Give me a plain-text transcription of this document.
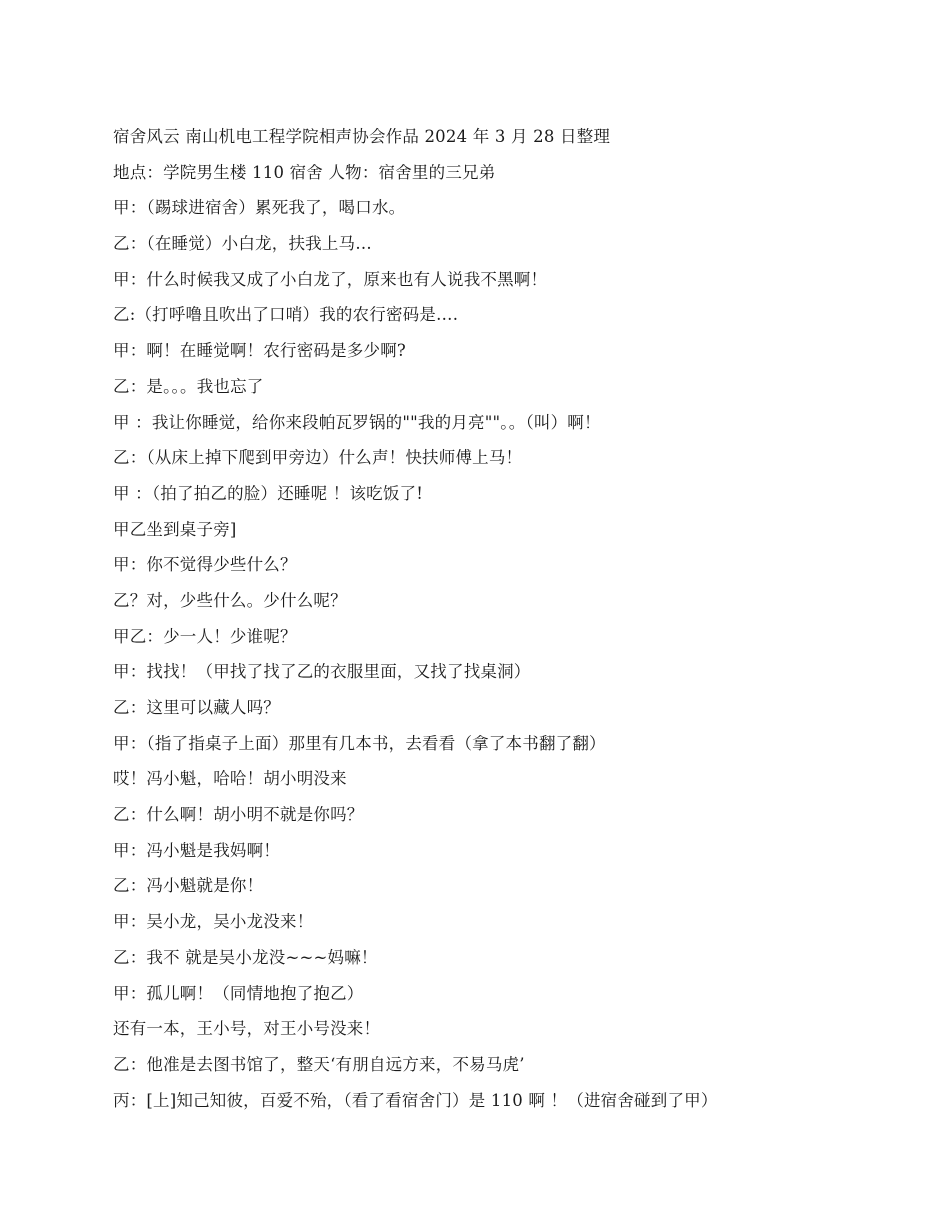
宿舍风云 南山机电工程学院相声协会作品 2024 年 3 月 28 日整理
地点：学院男生楼 110 宿舍 人物：宿舍里的三兄弟
甲：（踢球进宿舍）累死我了，喝口水。
乙：（在睡觉）小白龙，扶我上马…
甲：什么时候我又成了小白龙了，原来也有人说我不黑啊！
乙:（打呼噜且吹出了口哨）我的农行密码是….
甲：啊！在睡觉啊！农行密码是多少啊?
乙：是。。。我也忘了
甲 ：我让你睡觉，给你来段帕瓦罗锅的""我的月亮""。。（叫）啊！
乙：（从床上掉下爬到甲旁边）什么声！快扶师傅上马！
甲 ：（拍了拍乙的脸）还睡呢 ！该吃饭了!
甲乙坐到桌子旁]
甲：你不觉得少些什么？
乙？对，少些什么。少什么呢？
甲乙：少一人！少谁呢？
甲：找找！（甲找了找了乙的衣服里面，又找了找桌洞）
乙：这里可以藏人吗？
甲：（指了指桌子上面）那里有几本书，去看看（拿了本书翻了翻）
哎！冯小魁，哈哈！胡小明没来
乙：什么啊！胡小明不就是你吗？
甲：冯小魁是我妈啊！
乙：冯小魁就是你！
甲：吴小龙，吴小龙没来！
乙：我不 就是吴小龙没~~~妈嘛！
甲：孤儿啊！（同情地抱了抱乙）
还有一本，王小号，对王小号没来！
乙：他准是去图书馆了，整天‘有朋自远方来，不易马虎’
丙：[上]知己知彼，百爱不殆，（看了看宿舍门）是 110 啊 ！（进宿舍碰到了甲）
